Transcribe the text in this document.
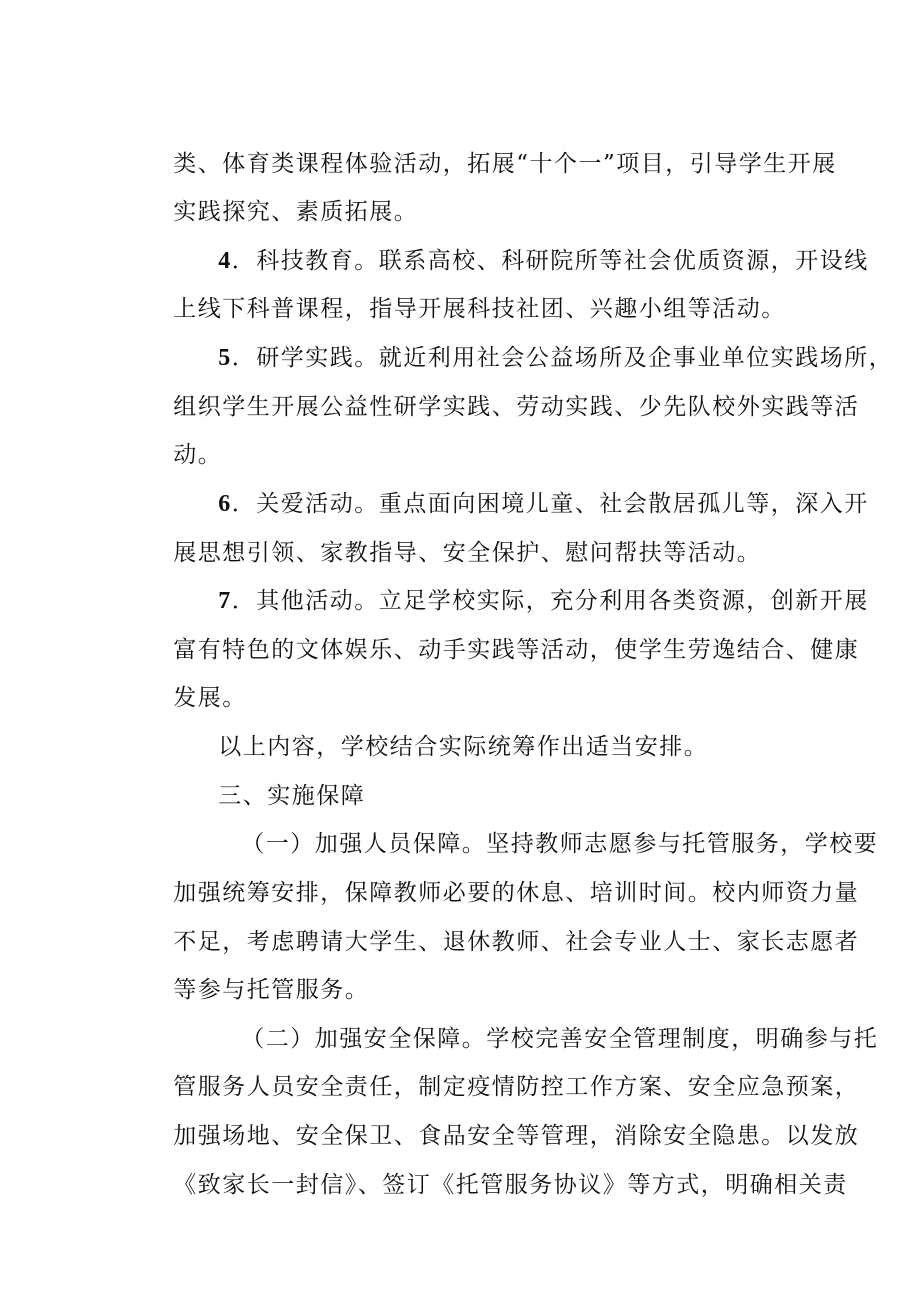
类、体育类课程体验活动，拓展“十个一”项目，引导学生开展

实践探究、素质拓展。

4．科技教育。联系高校、科研院所等社会优质资源，开设线

上线下科普课程，指导开展科技社团、兴趣小组等活动。

5．研学实践。就近利用社会公益场所及企事业单位实践场所，

组织学生开展公益性研学实践、劳动实践、少先队校外实践等活

动。

6．关爱活动。重点面向困境儿童、社会散居孤儿等，深入开

展思想引领、家教指导、安全保护、慰问帮扶等活动。

7．其他活动。立足学校实际，充分利用各类资源，创新开展

富有特色的文体娱乐、动手实践等活动，使学生劳逸结合、健康

发展。

以上内容，学校结合实际统筹作出适当安排。

三、实施保障

（一）加强人员保障。坚持教师志愿参与托管服务，学校要

加强统筹安排，保障教师必要的休息、培训时间。校内师资力量

不足，考虑聘请大学生、退休教师、社会专业人士、家长志愿者

等参与托管服务。

（二）加强安全保障。学校完善安全管理制度，明确参与托

管服务人员安全责任，制定疫情防控工作方案、安全应急预案，

加强场地、安全保卫、食品安全等管理，消除安全隐患。以发放

《致家长一封信》、签订《托管服务协议》等方式，明确相关责
